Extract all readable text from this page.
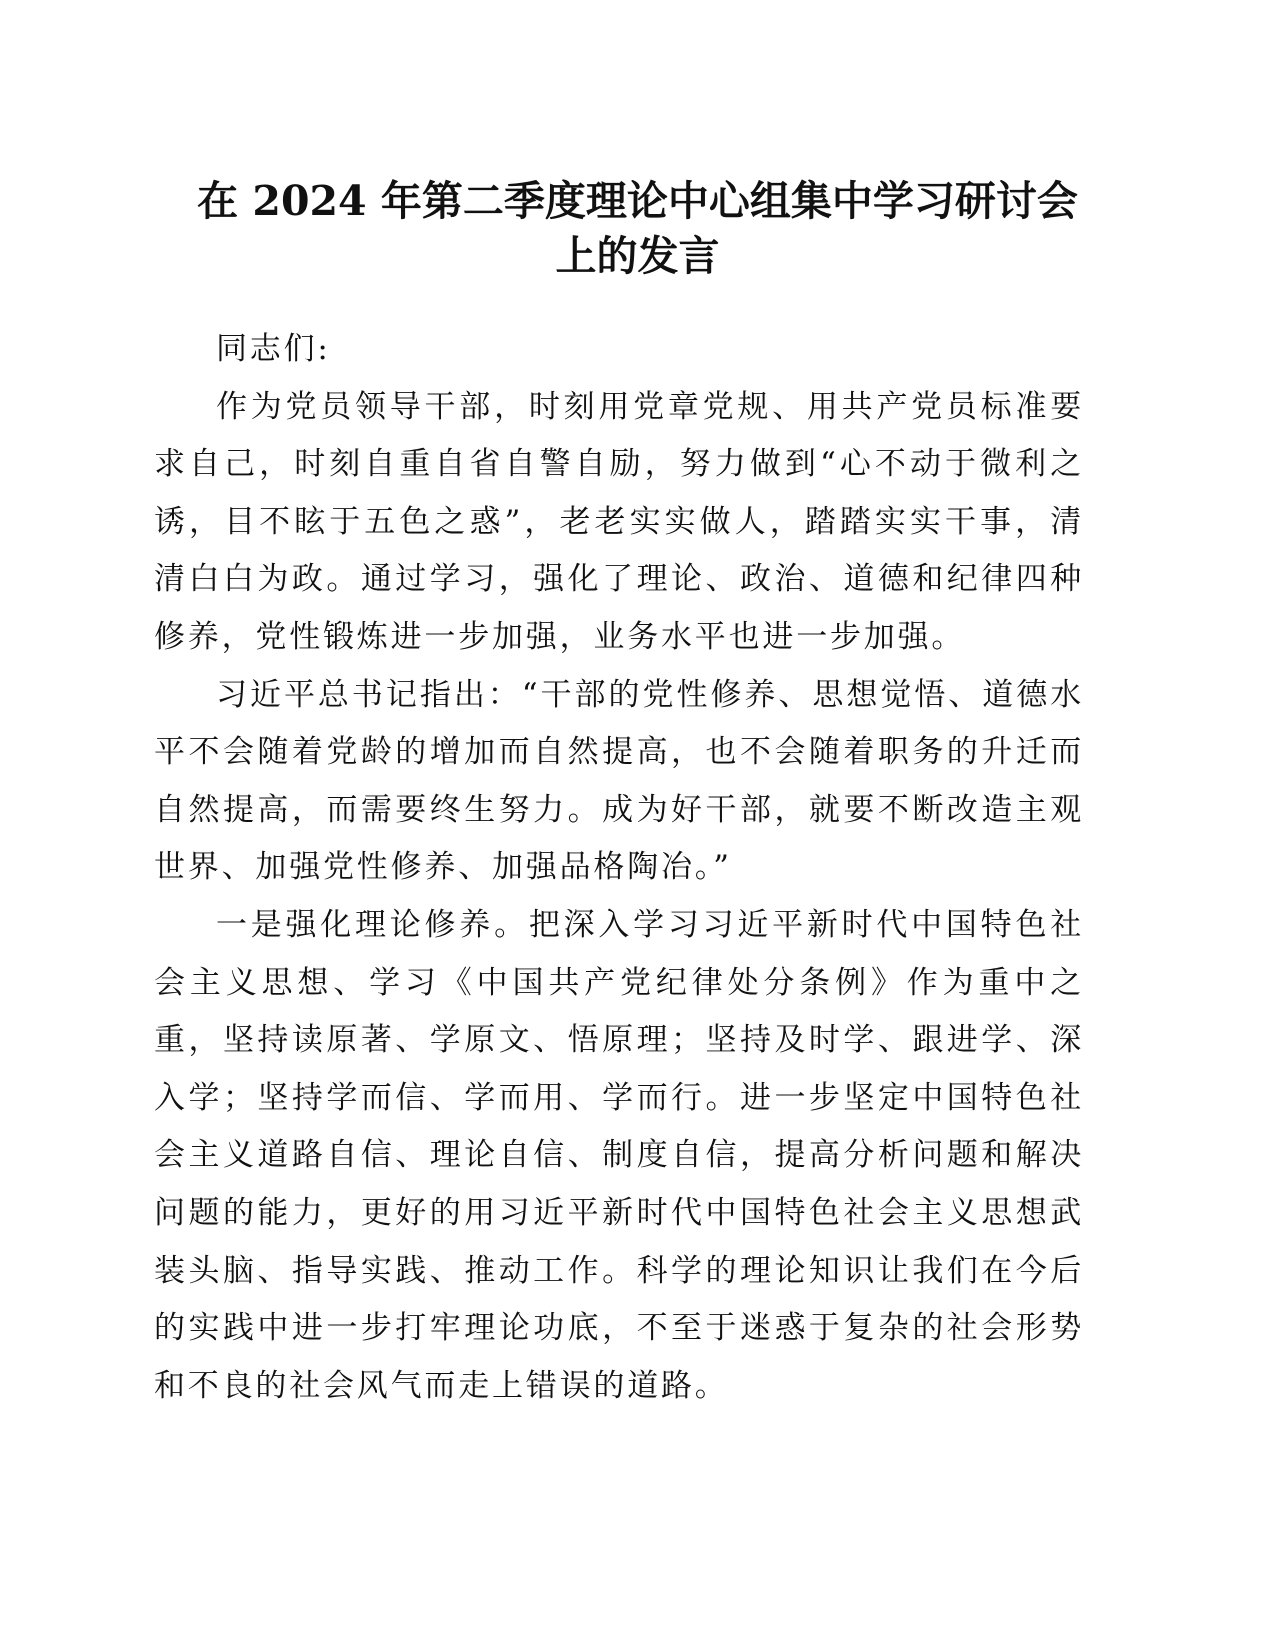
在 2024 年第二季度理论中心组集中学习研讨会
上的发言

同志们:

作为党员领导干部，时刻用党章党规、用共产党员标准要求自己，时刻自重自省自警自励，努力做到“心不动于微利之诱，目不眩于五色之惑”，老老实实做人，踏踏实实干事，清清白白为政。通过学习，强化了理论、政治、道德和纪律四种修养，党性锻炼进一步加强，业务水平也进一步加强。

习近平总书记指出：“干部的党性修养、思想觉悟、道德水平不会随着党龄的增加而自然提高，也不会随着职务的升迁而自然提高，而需要终生努力。成为好干部，就要不断改造主观世界、加强党性修养、加强品格陶冶。”

一是强化理论修养。把深入学习习近平新时代中国特色社会主义思想、学习《中国共产党纪律处分条例》作为重中之重，坚持读原著、学原文、悟原理；坚持及时学、跟进学、深入学；坚持学而信、学而用、学而行。进一步坚定中国特色社会主义道路自信、理论自信、制度自信，提高分析问题和解决问题的能力，更好的用习近平新时代中国特色社会主义思想武装头脑、指导实践、推动工作。科学的理论知识让我们在今后的实践中进一步打牢理论功底，不至于迷惑于复杂的社会形势和不良的社会风气而走上错误的道路。
